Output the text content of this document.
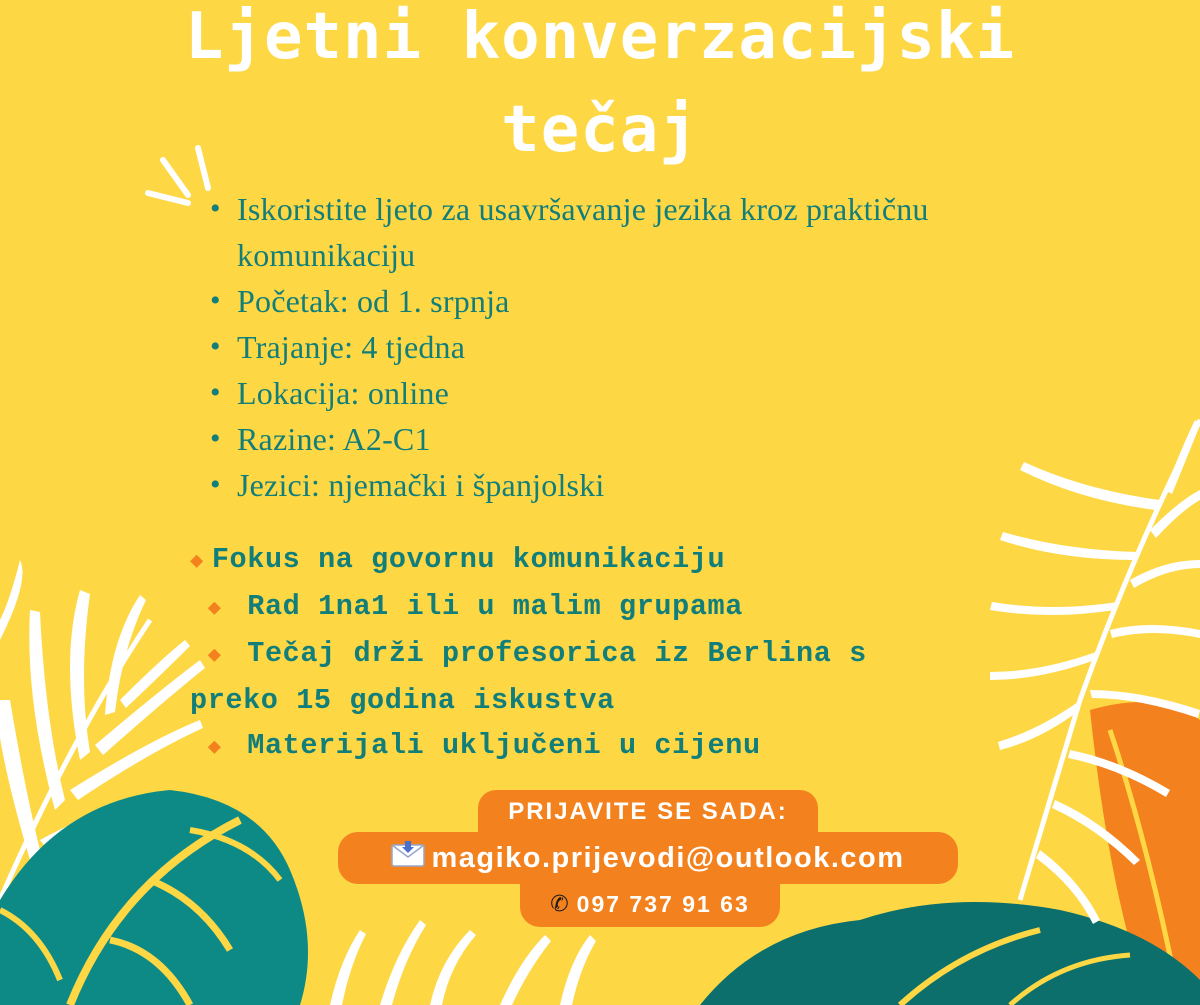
Ljetni konverzacijski
tečaj
• Iskoristite ljeto za usavršavanje jezika kroz praktičnu komunikaciju
• Početak: od 1. srpnja
• Trajanje: 4 tjedna
• Lokacija: online
• Razine: A2-C1
• Jezici: njemački i španjolski
◆ Fokus na govornu komunikaciju
◆ Rad 1na1 ili u malim grupama
◆ Tečaj drži profesorica iz Berlina s
preko 15 godina iskustva
◆ Materijali uključeni u cijenu
PRIJAVITE SE SADA:
magiko.prijevodi@outlook.com
✆ 097 737 91 63
